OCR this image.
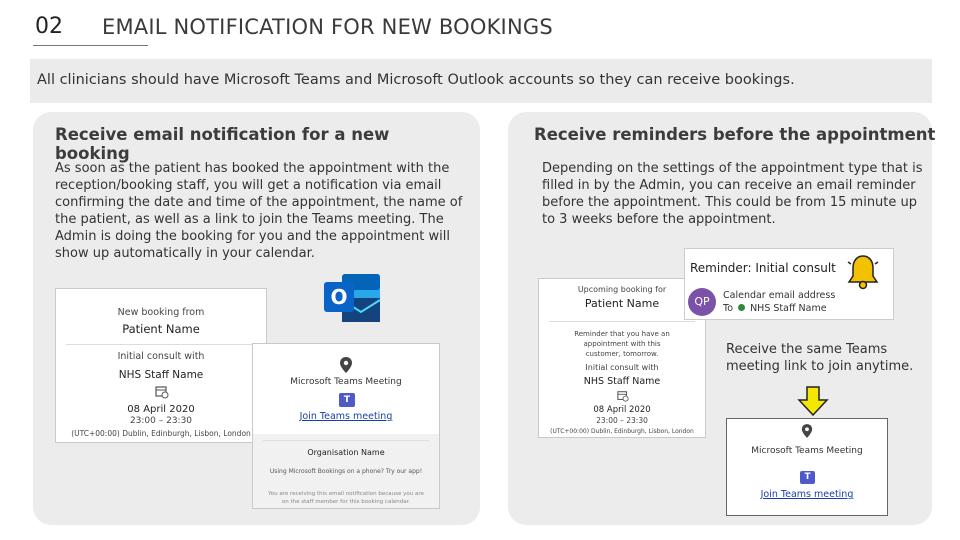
02 EMAIL NOTIFICATION FOR NEW BOOKINGS
All clinicians should have Microsoft Teams and Microsoft Outlook accounts so they can receive bookings.
Receive email notification for a new booking
As soon as the patient has booked the appointment with the reception/booking staff, you will get a notification via email confirming the date and time of the appointment, the name of the patient, as well as a link to join the Teams meeting. The Admin is doing the booking for you and the appointment will show up automatically in your calendar.
New booking from
Patient Name
Initial consult with
NHS Staff Name
08 April 2020
23:00 – 23:30
(UTC+00:00) Dublin, Edinburgh, Lisbon, London
O
Microsoft Teams Meeting
T
Join Teams meeting
Organisation Name
Using Microsoft Bookings on a phone? Try our app!
You are receiving this email notification because you are on the staff member for this booking calendar.
Receive reminders before the appointment
Depending on the settings of the appointment type that is filled in by the Admin, you can receive an email reminder before the appointment. This could be from 15 minute up to 3 weeks before the appointment.
Upcoming booking for
Patient Name
Reminder that you have an appointment with this customer, tomorrow.
Initial consult with
NHS Staff Name
08 April 2020
23:00 – 23:30
(UTC+00:00) Dublin, Edinburgh, Lisbon, London
Reminder: Initial consult
QP	Calendar email address
To NHS Staff Name
Receive the same Teams meeting link to join anytime.
Microsoft Teams Meeting
T
Join Teams meeting
